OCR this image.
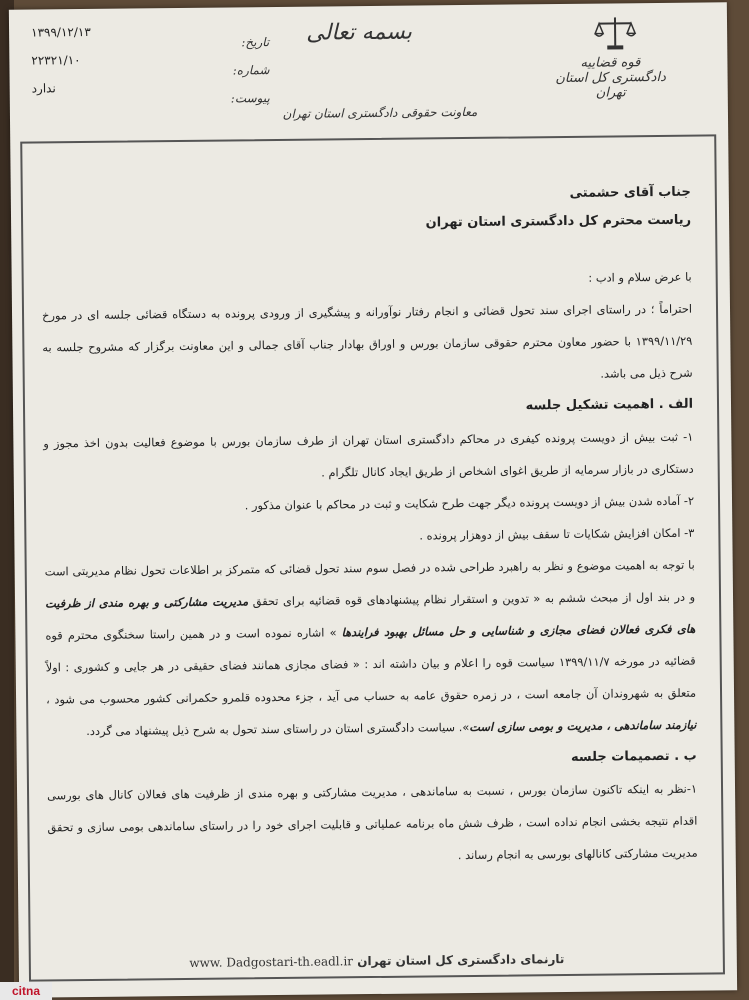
بسمه تعالی
معاونت حقوقی دادگستری استان تهران
قوه قضاییه
دادگستری کل استان تهران
تاریخ:
شماره:
پیوست:
۱۳۹۹/۱۲/۱۳
۲۲۳۲۱/۱۰
ندارد
جناب آقای حشمتی
ریاست محترم کل دادگستری استان تهران

با عرض سلام و ادب :

احتراماً ؛ در راستای اجرای سند تحول قضائی و انجام رفتار نوآورانه و پیشگیری از ورودی پرونده به دستگاه قضائی جلسه ای در مورخ ۱۳۹۹/۱۱/۲۹ با حضور معاون محترم حقوقی سازمان بورس و اوراق بهادار جناب آقای جمالی و این معاونت برگزار که مشروح جلسه به شرح ذیل می باشد.

الف . اهمیت تشکیل جلسه

۱- ثبت بیش از دویست پرونده کیفری در محاکم دادگستری استان تهران از طرف سازمان بورس با موضوع فعالیت بدون اخذ مجوز و دستکاری در بازار سرمایه از طریق اغوای اشخاص از طریق ایجاد کانال تلگرام .

۲- آماده شدن بیش از دویست پرونده دیگر جهت طرح شکایت و ثبت در محاکم با عنوان مذکور .

۳- امکان افزایش شکایات تا سقف بیش از دوهزار پرونده .

با توجه به اهمیت موضوع و نظر به راهبرد طراحی شده در فصل سوم سند تحول قضائی که متمرکز بر اطلاعات تحول نظام مدیریتی است و در بند اول از مبحث ششم به « تدوین و استقرار نظام پیشنهادهای قوه قضائیه برای تحقق مدیریت مشارکتی و بهره مندی از ظرفیت های فکری فعالان فضای مجازی و شناسایی و حل مسائل بهبود فرایندها » اشاره نموده است و در همین راستا سخنگوی محترم قوه قضائیه در مورخه ۱۳۹۹/۱۱/۷ سیاست قوه را اعلام و بیان داشته اند : « فضای مجازی همانند فضای حقیقی در هر جایی و کشوری : اولاً متعلق به شهروندان آن جامعه است ، در زمره حقوق عامه به حساب می آید ، جزء محدوده قلمرو حکمرانی کشور محسوب می شود ، نیازمند ساماندهی ، مدیریت و بومی سازی است». سیاست دادگستری استان در راستای سند تحول به شرح ذیل پیشنهاد می گردد.

ب . تصمیمات جلسه

۱-نظر به اینکه تاکنون سازمان بورس ، نسبت به ساماندهی ، مدیریت مشارکتی و بهره مندی از ظرفیت های فعالان کانال های بورسی اقدام نتیجه بخشی انجام نداده است ، ظرف شش ماه برنامه عملیاتی و قابلیت اجرای خود را در راستای ساماندهی بومی سازی و تحقق مدیریت مشارکتی کانالهای بورسی به انجام رساند .

تارنمای دادگستری کل استان تهران www. Dadgostari-th.eadl.ir
citna
